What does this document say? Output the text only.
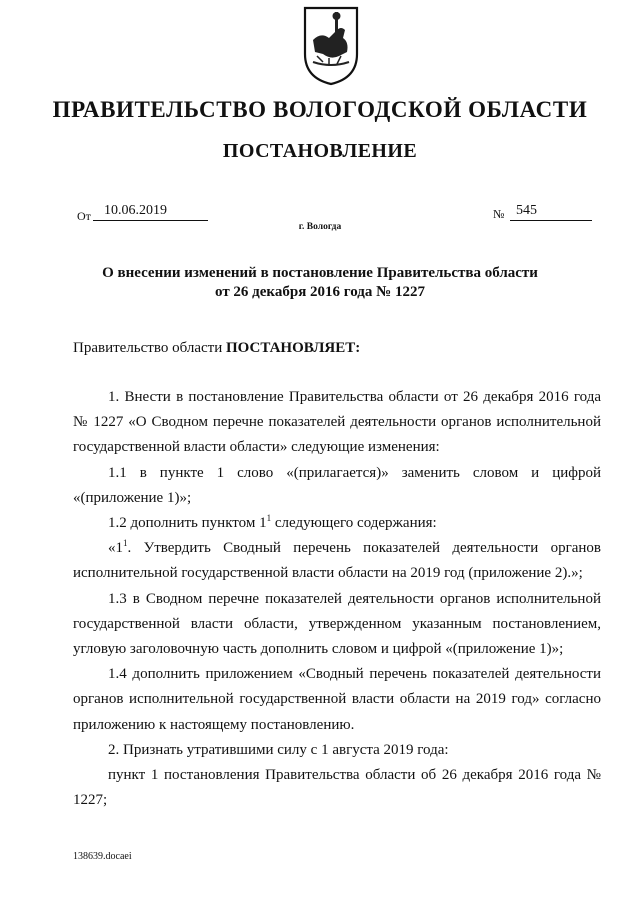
ПРАВИТЕЛЬСТВО ВОЛОГОДСКОЙ ОБЛАСТИ
ПОСТАНОВЛЕНИЕ
От 10.06.2019	№ 545
г. Вологда
О внесении изменений в постановление Правительства области
от 26 декабря 2016 года № 1227
Правительство области ПОСТАНОВЛЯЕТ:

1. Внести в постановление Правительства области от 26 декабря 2016 года № 1227 «О Сводном перечне показателей деятельности органов исполнительной государственной власти области» следующие изменения:

1.1 в пункте 1 слово «(прилагается)» заменить словом и цифрой «(приложение 1)»;

1.2 дополнить пунктом $1^1$ следующего содержания:

«$1^1$. Утвердить Сводный перечень показателей деятельности органов исполнительной государственной власти области на 2019 год (приложение 2).»;

1.3 в Сводном перечне показателей деятельности органов исполнительной государственной власти области, утвержденном указанным постановлением, угловую заголовочную часть дополнить словом и цифрой «(приложение 1)»;

1.4 дополнить приложением «Сводный перечень показателей деятельности органов исполнительной государственной власти области на 2019 год» согласно приложению к настоящему постановлению.

2. Признать утратившими силу с 1 августа 2019 года:

пункт 1 постановления Правительства области об 26 декабря 2016 года № 1227;

138639.docaei
